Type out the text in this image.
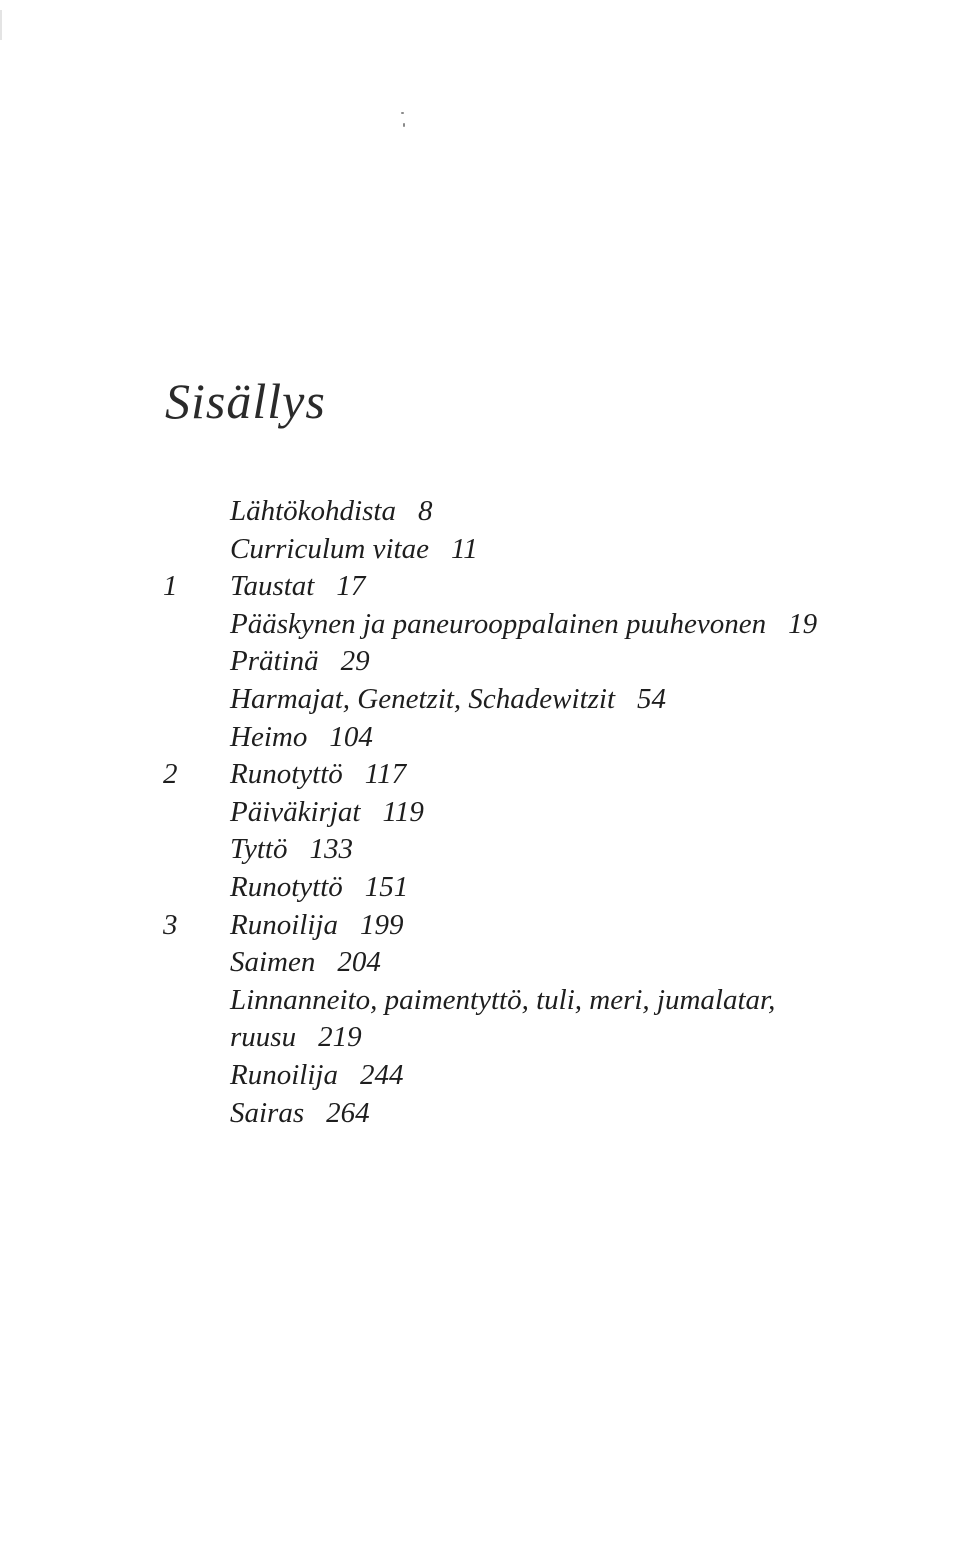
Sisällys
Lähtökohdista 8
Curriculum vitae 11
1 Taustat 17
Pääskynen ja paneurooppalainen puuhevonen 19
Prätinä 29
Harmajat, Genetzit, Schadewitzit 54
Heimo 104
2 Runotyttö 117
Päiväkirjat 119
Tyttö 133
Runotyttö 151
3 Runoilija 199
Saimen 204
Linnanneito, paimentyttö, tuli, meri, jumalatar,
ruusu 219
Runoilija 244
Sairas 264
